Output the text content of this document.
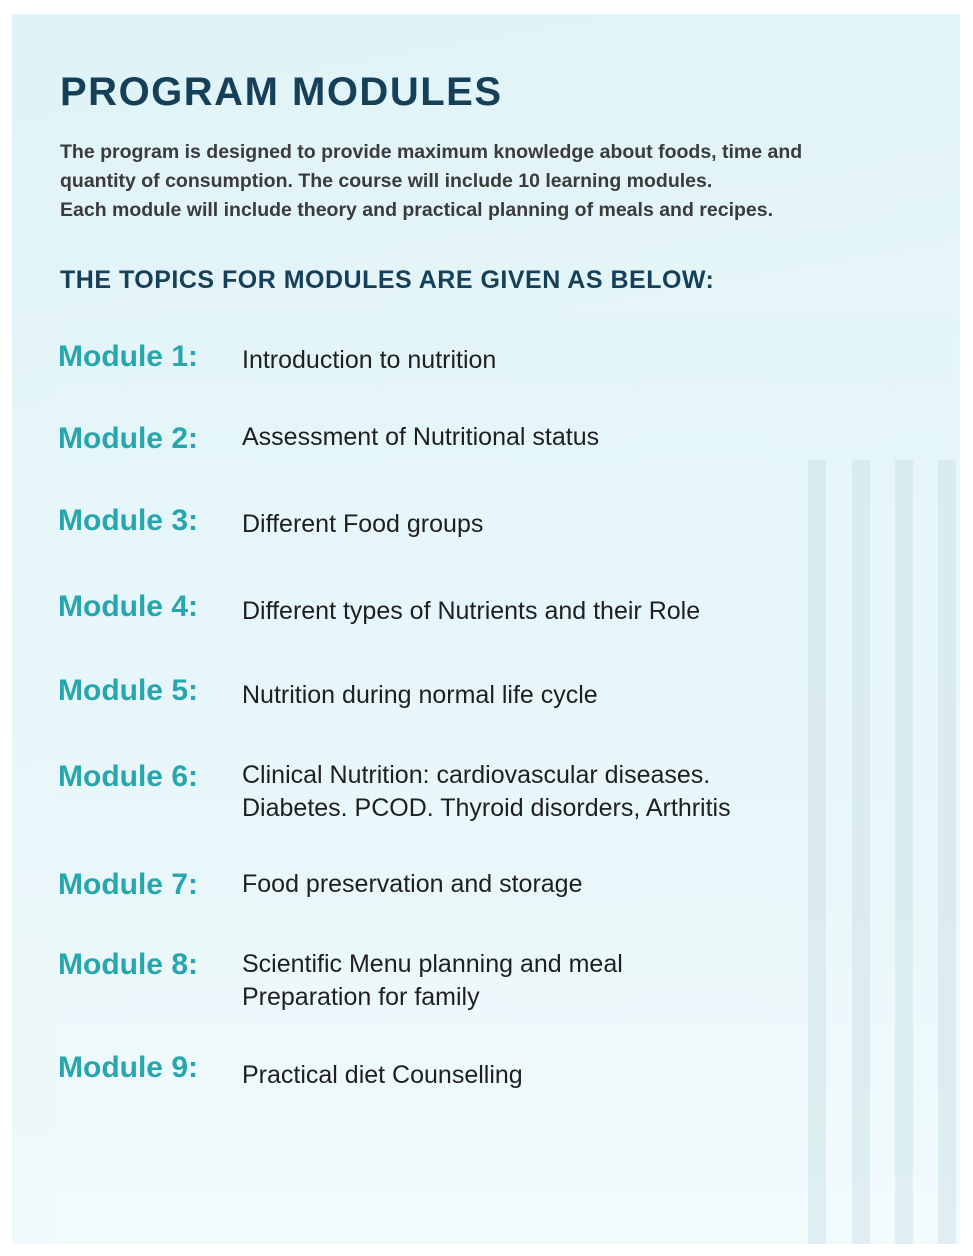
PROGRAM MODULES

The program is designed to provide maximum knowledge about foods, time and
quantity of consumption. The course will include 10 learning modules.
Each module will include theory and practical planning of meals and recipes.

THE TOPICS FOR MODULES ARE GIVEN AS BELOW:
Module 1: Introduction to nutrition
Module 2: Assessment of Nutritional status
Module 3: Different Food groups
Module 4: Different types of Nutrients and their Role
Module 5: Nutrition during normal life cycle
Module 6: Clinical Nutrition: cardiovascular diseases.
Diabetes. PCOD. Thyroid disorders, Arthritis
Module 7: Food preservation and storage
Module 8: Scientific Menu planning and meal
Preparation for family
Module 9: Practical diet Counselling
